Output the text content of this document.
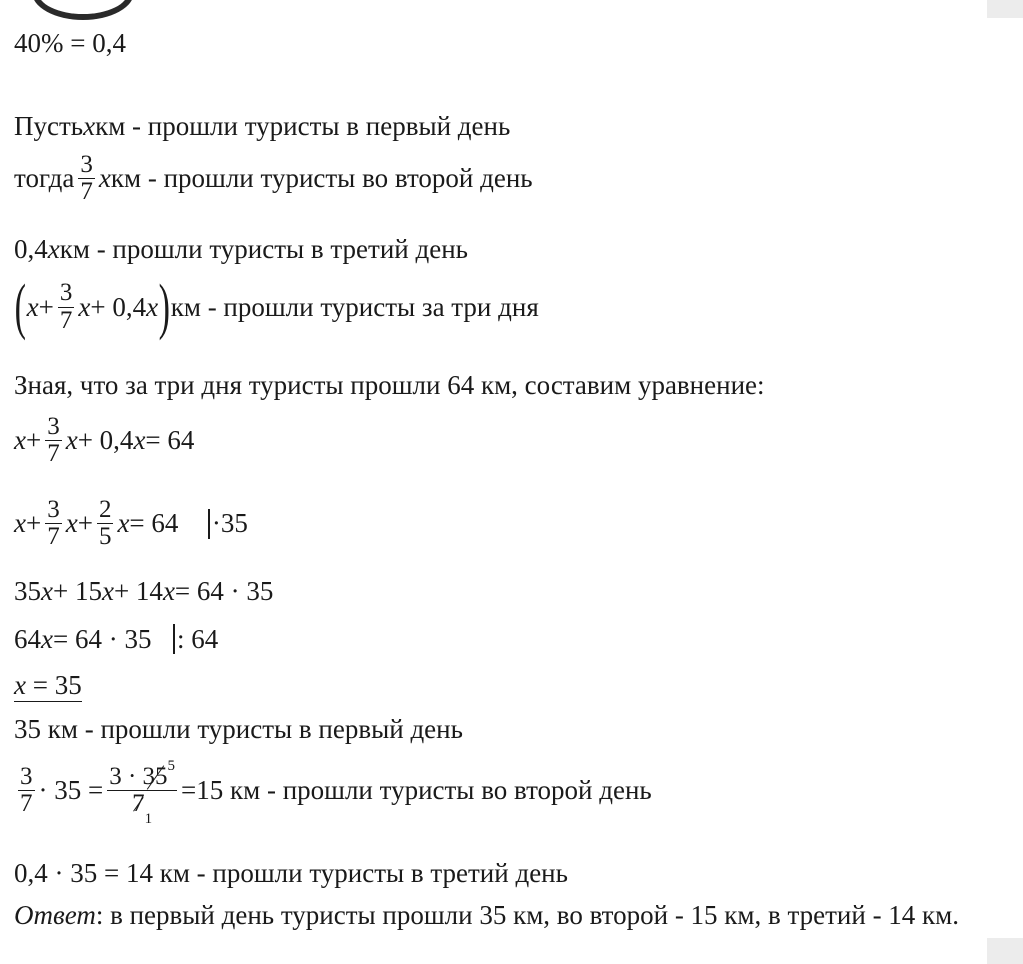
40% = 0,4
Пусть x км - прошли туристы в первый день
тогда $\frac{3}{7}$ x км - прошли туристы во второй день
0,4 x км - прошли туристы в третий день
( $x + \frac{3}{7}$ x + 0,4 x ) км - прошли туристы за три дня
Зная, что за три дня туристы прошли 64 км, составим уравнение:
$x + \frac{3}{7}$ x + 0,4 x = 64
$x + \frac{3}{7}$ $x + \frac{2}{5}$ x = 64 ·35
35 x + 15 x + 14 x = 64 · 35
64 x = 64 · 35 : 64
x = 35
35 км - прошли туристы в первый день
$\frac{3}{7} \cdot 35 = 3 \cdot 35$
$^5$
7
$_1$ =15 км - прошли туристы во второй день
0,4 · 35 = 14 км - прошли туристы в третий день
Ответ : в первый день туристы прошли 35 км, во второй - 15 км, в третий - 14 км.
